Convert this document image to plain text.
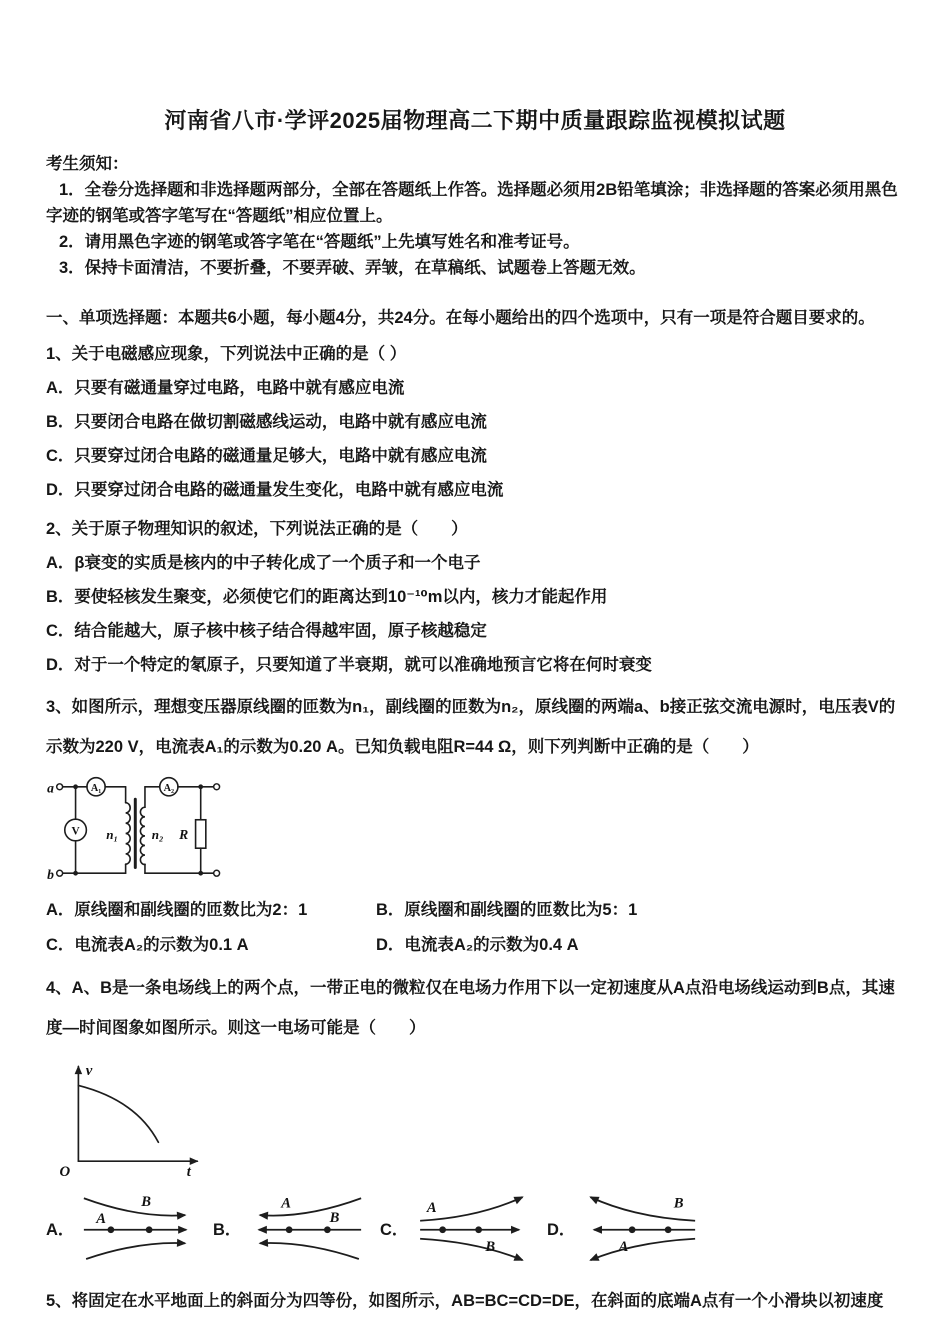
河南省八市·学评2025届物理高二下期中质量跟踪监视模拟试题

考生须知：

1．全卷分选择题和非选择题两部分，全部在答题纸上作答。选择题必须用2B铅笔填涂；非选择题的答案必须用黑色字迹的钢笔或答字笔写在“答题纸”相应位置上。

2．请用黑色字迹的钢笔或答字笔在“答题纸”上先填写姓名和准考证号。

3．保持卡面清洁，不要折叠，不要弄破、弄皱，在草稿纸、试题卷上答题无效。

一、单项选择题：本题共6小题，每小题4分，共24分。在每小题给出的四个选项中，只有一项是符合题目要求的。
1、关于电磁感应现象，下列说法中正确的是（ ）
A．只要有磁通量穿过电路，电路中就有感应电流
B．只要闭合电路在做切割磁感线运动，电路中就有感应电流
C．只要穿过闭合电路的磁通量足够大，电路中就有感应电流
D．只要穿过闭合电路的磁通量发生变化，电路中就有感应电流
2、关于原子物理知识的叙述，下列说法正确的是（　　）
A．β衰变的实质是核内的中子转化成了一个质子和一个电子
B．要使轻核发生聚变，必须使它们的距离达到10⁻¹⁰m以内，核力才能起作用
C．结合能越大，原子核中核子结合得越牢固，原子核越稳定
D．对于一个特定的氡原子，只要知道了半衰期，就可以准确地预言它将在何时衰变
3、如图所示，理想变压器原线圈的匝数为n₁，副线圈的匝数为n₂，原线圈的两端a、b接正弦交流电源时，电压表V的示数为220 V，电流表A₁的示数为0.20 A。已知负载电阻R=44 Ω，则下列判断中正确的是（　　）
a
b
V
A₁	A₂
n₁	n₂ R
A．原线圈和副线圈的匝数比为2：1	B．原线圈和副线圈的匝数比为5：1
C．电流表A₂的示数为0.1 A	D．电流表A₂的示数为0.4 A
4、A、B是一条电场线上的两个点，一带正电的微粒仅在电场力作用下以一定初速度从A点沿电场线运动到B点，其速度—时间图象如图所示。则这一电场可能是（　　）
v
t
O
A．
A
B
B．
A
B
C．
A
B
D．
B
A
5、将固定在水平地面上的斜面分为四等份，如图所示，AB=BC=CD=DE，在斜面的底端A点有一个小滑块以初速度
